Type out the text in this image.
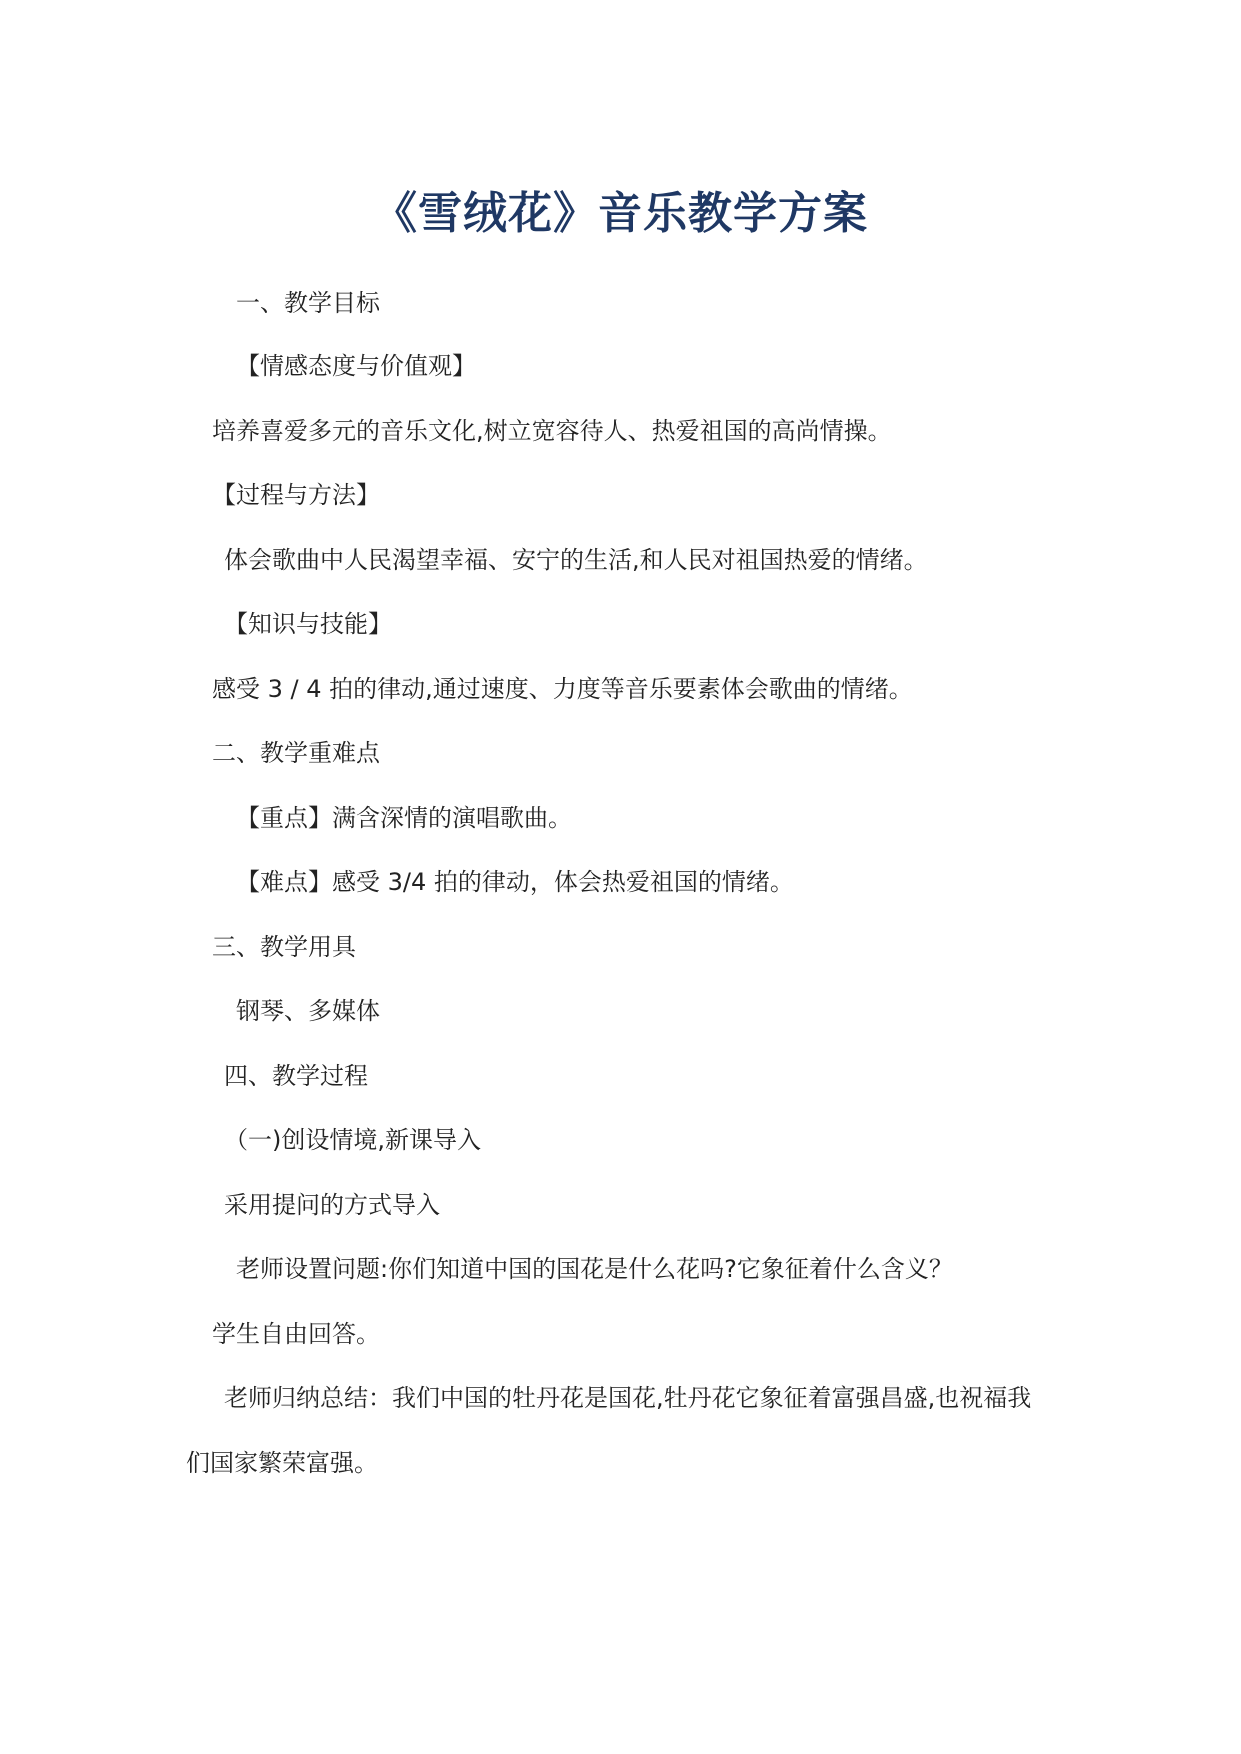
《雪绒花》音乐教学方案
一、教学目标
【情感态度与价值观】
培养喜爱多元的音乐文化,树立宽容待人、热爱祖国的高尚情操。
【过程与方法】
体会歌曲中人民渴望幸福、安宁的生活,和人民对祖国热爱的情绪。
【知识与技能】
感受 3 / 4 拍的律动,通过速度、力度等音乐要素体会歌曲的情绪。
二、教学重难点
【重点】满含深情的演唱歌曲。
【难点】感受 3/4 拍的律动，体会热爱祖国的情绪。
三、教学用具
钢琴、多媒体
四、教学过程
（一)创设情境,新课导入
采用提问的方式导入
老师设置问题:你们知道中国的国花是什么花吗?它象征着什么含义？
学生自由回答。
老师归纳总结：我们中国的牡丹花是国花,牡丹花它象征着富强昌盛,也祝福我
们国家繁荣富强。
